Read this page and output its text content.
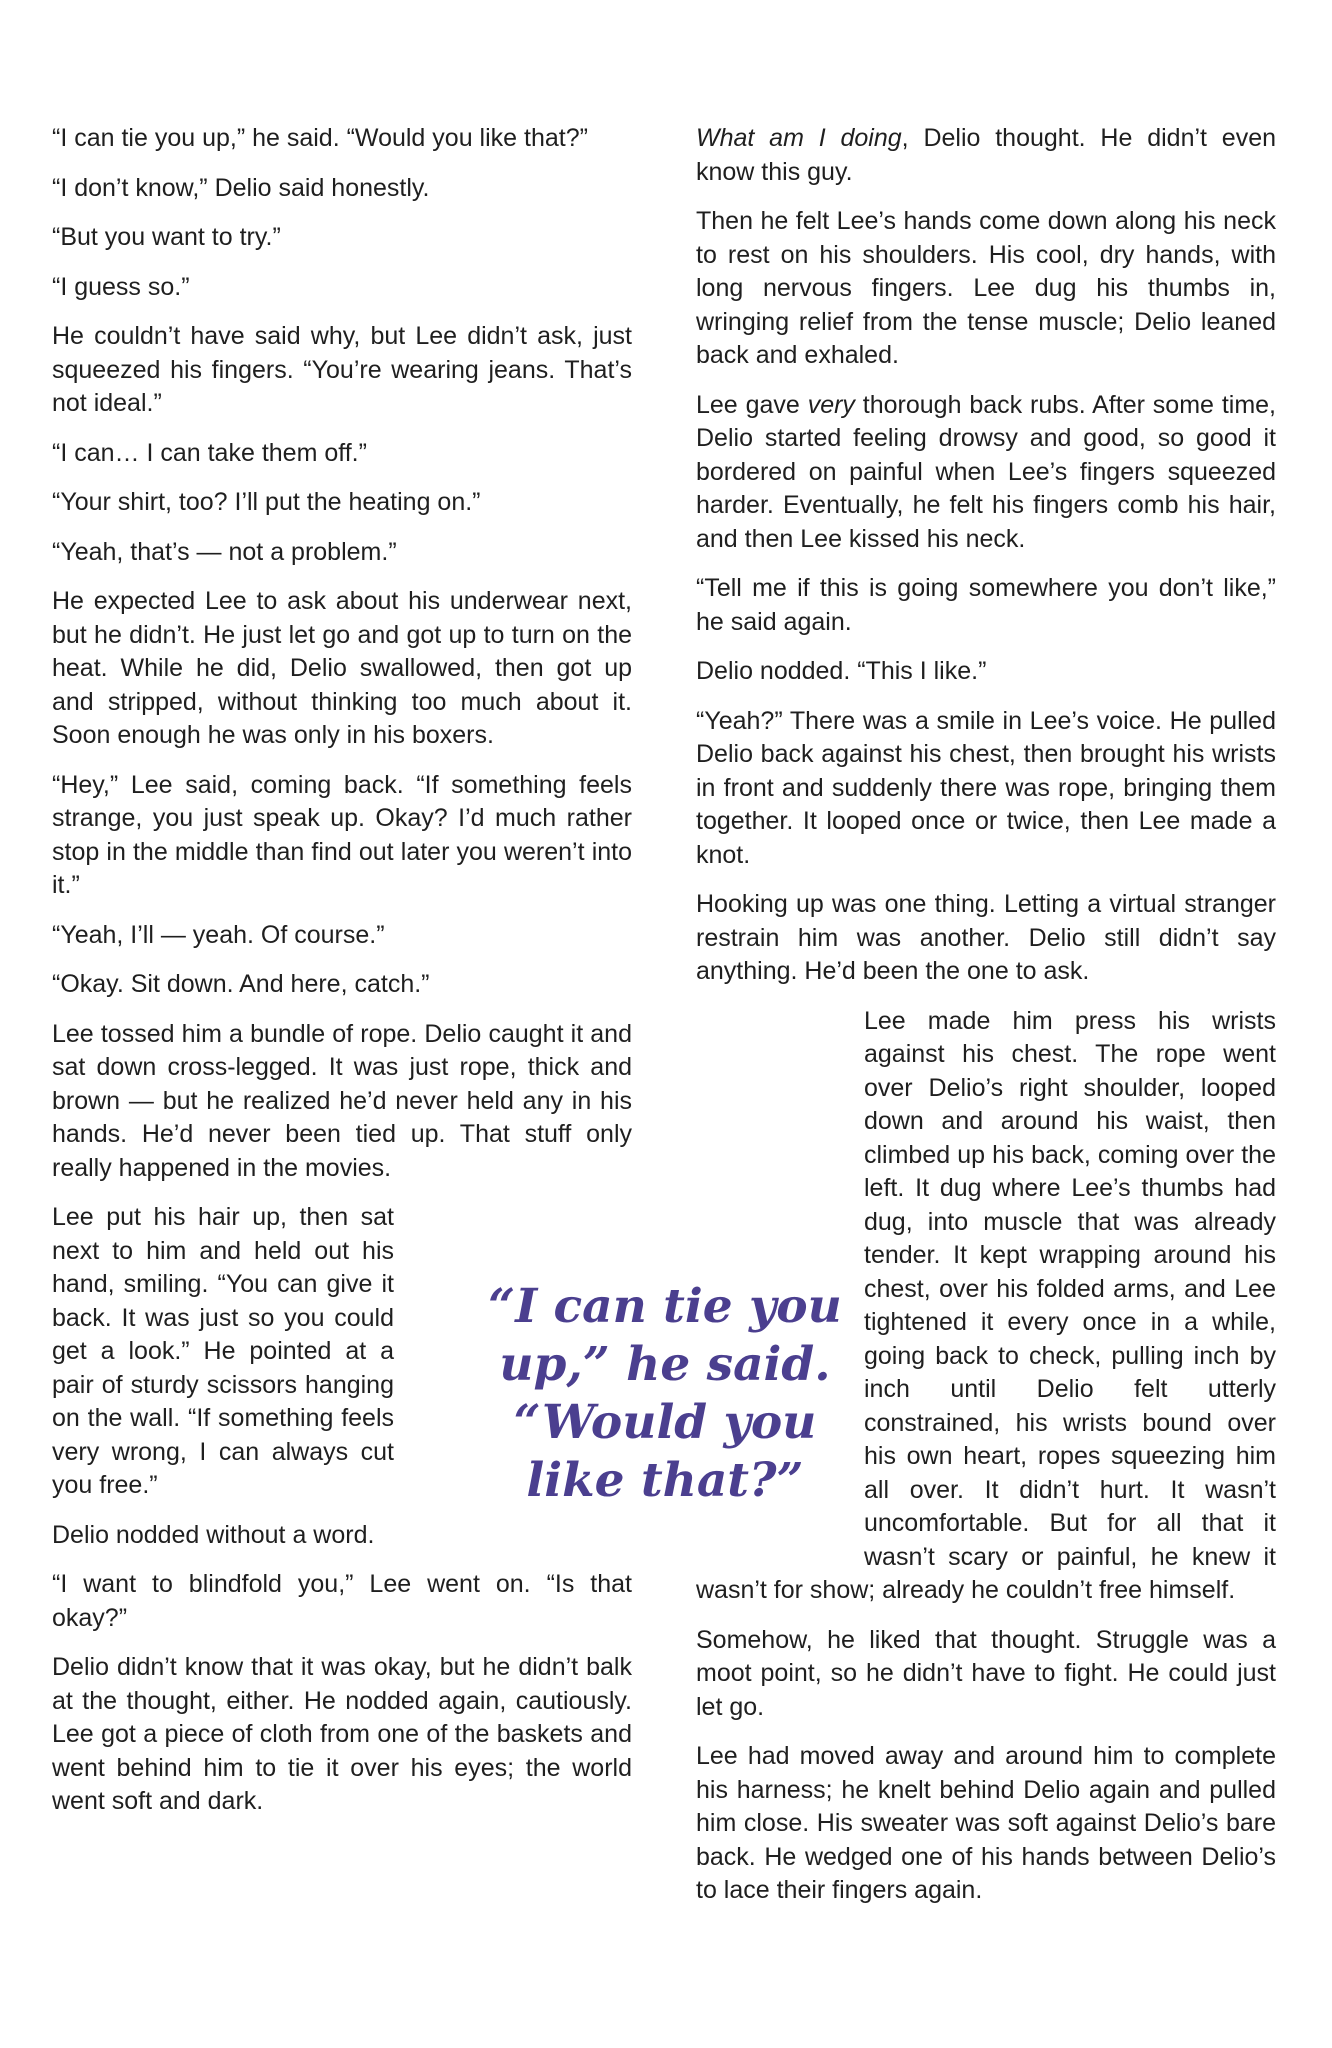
“I can tie you up,” he said. “Would you like that?”

“I don’t know,” Delio said honestly.

“But you want to try.”

“I guess so.”

He couldn’t have said why, but Lee didn’t ask, just squeezed his fingers. “You’re wearing jeans. That’s not ideal.”

“I can… I can take them off.”

“Your shirt, too? I’ll put the heating on.”

“Yeah, that’s — not a problem.”

He expected Lee to ask about his underwear next, but he didn’t. He just let go and got up to turn on the heat. While he did, Delio swallowed, then got up and stripped, without thinking too much about it. Soon enough he was only in his boxers.

“Hey,” Lee said, coming back. “If something feels strange, you just speak up. Okay? I’d much rather stop in the middle than find out later you weren’t into it.”

“Yeah, I’ll — yeah. Of course.”

“Okay. Sit down. And here, catch.”

Lee tossed him a bundle of rope. Delio caught it and sat down cross-legged. It was just rope, thick and brown — but he realized he’d never held any in his hands. He’d never been tied up. That stuff only really happened in the movies.

Lee put his hair up, then sat next to him and held out his hand, smiling. “You can give it back. It was just so you could get a look.” He pointed at a pair of sturdy scissors hanging on the wall. “If something feels very wrong, I can always cut you free.”

Delio nodded without a word.

“I want to blindfold you,” Lee went on. “Is that okay?”

Delio didn’t know that it was okay, but he didn’t balk at the thought, either. He nodded again, cautiously. Lee got a piece of cloth from one of the baskets and went behind him to tie it over his eyes; the world went soft and dark.

What am I doing, Delio thought. He didn’t even know this guy.

Then he felt Lee’s hands come down along his neck to rest on his shoulders. His cool, dry hands, with long nervous fingers. Lee dug his thumbs in, wringing relief from the tense muscle; Delio leaned back and exhaled.

Lee gave very thorough back rubs. After some time, Delio started feeling drowsy and good, so good it bordered on painful when Lee’s fingers squeezed harder. Eventually, he felt his fingers comb his hair, and then Lee kissed his neck.

“Tell me if this is going somewhere you don’t like,” he said again.

Delio nodded. “This I like.”

“Yeah?” There was a smile in Lee’s voice. He pulled Delio back against his chest, then brought his wrists in front and suddenly there was rope, bringing them together. It looped once or twice, then Lee made a knot.

Hooking up was one thing. Letting a virtual stranger restrain him was another. Delio still didn’t say anything. He’d been the one to ask.

Lee made him press his wrists against his chest. The rope went over Delio’s right shoulder, looped down and around his waist, then climbed up his back, coming over the left. It dug where Lee’s thumbs had dug, into muscle that was already tender. It kept wrapping around his chest, over his folded arms, and Lee tightened it every once in a while, going back to check, pulling inch by inch until Delio felt utterly constrained, his wrists bound over his own heart, ropes squeezing him all over. It didn’t hurt. It wasn’t uncomfortable. But for all that it wasn’t scary or painful, he knew it wasn’t for show; already he couldn’t free himself.

Somehow, he liked that thought. Struggle was a moot point, so he didn’t have to fight. He could just let go.

Lee had moved away and around him to complete his harness; he knelt behind Delio again and pulled him close. His sweater was soft against Delio’s bare back. He wedged one of his hands between Delio’s to lace their fingers again.

“I can tie you up,” he said. “Would you like that?”
